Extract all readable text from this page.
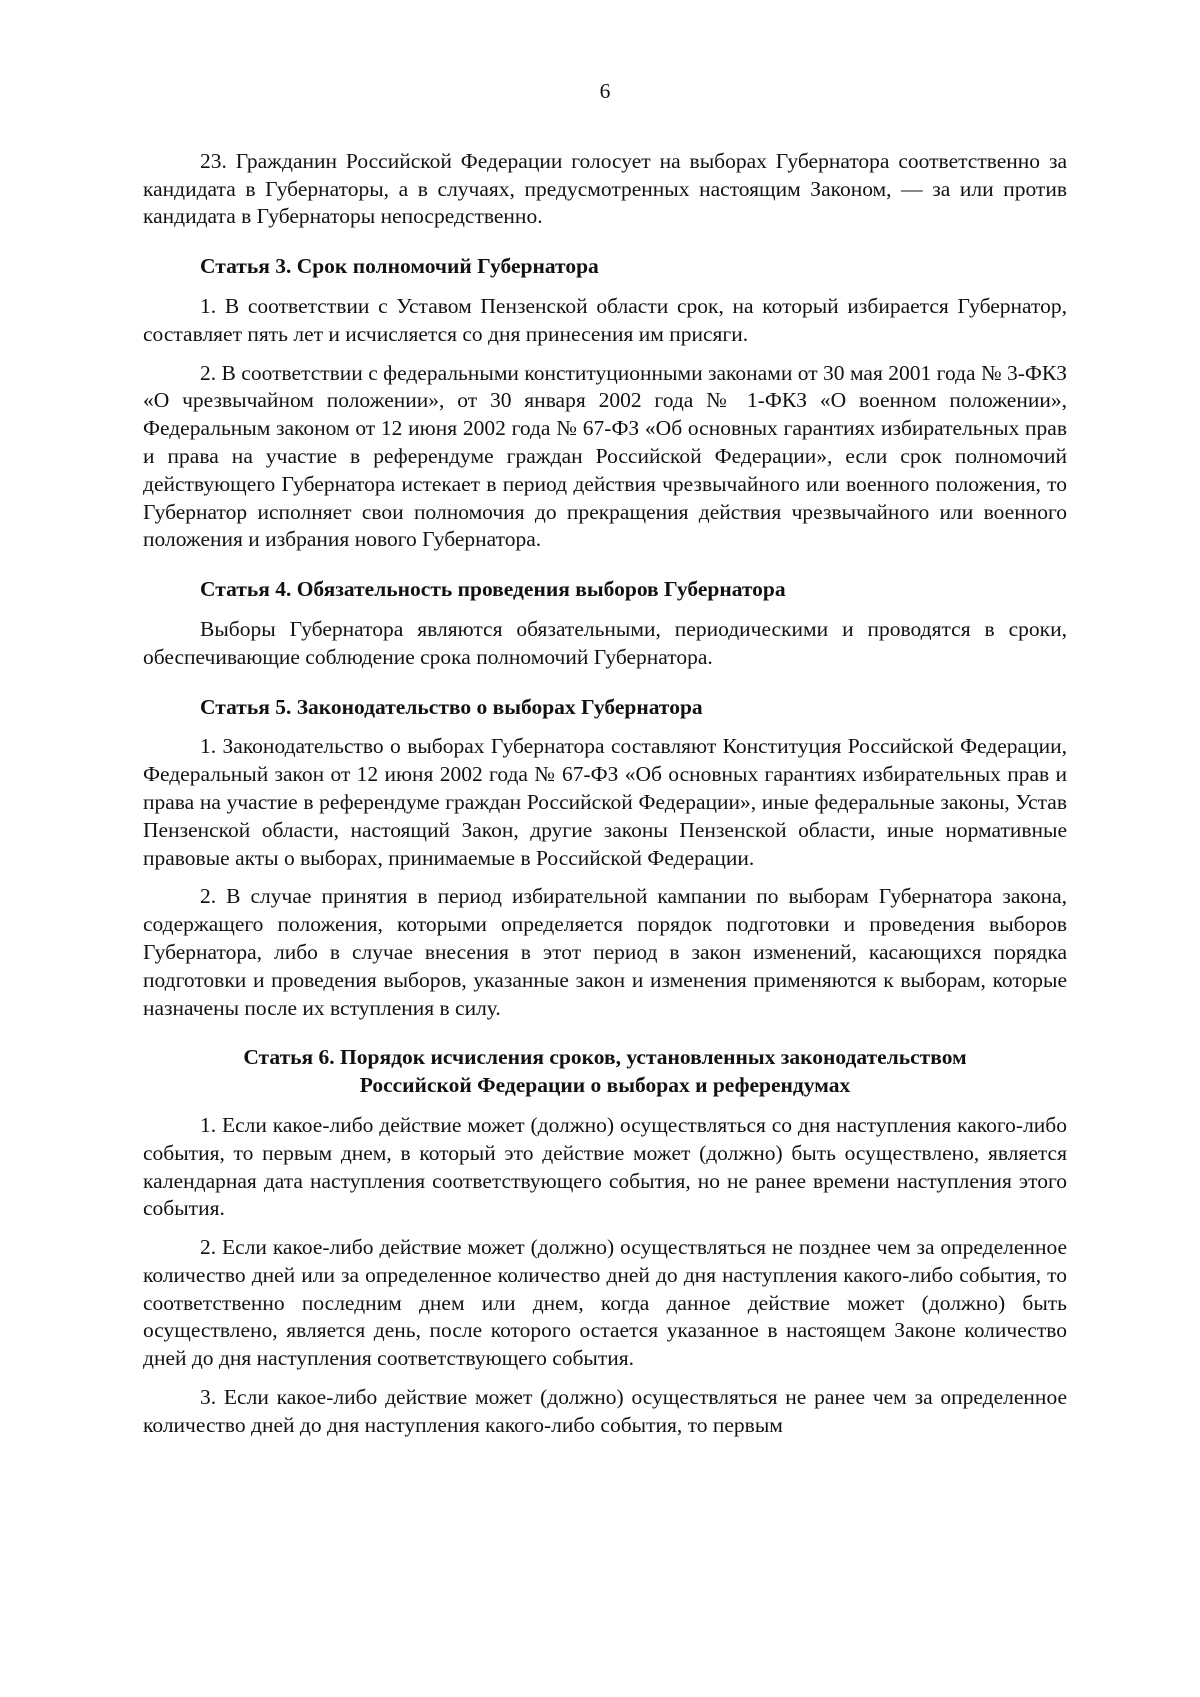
6

23. Гражданин Российской Федерации голосует на выборах Губернатора соответственно за кандидата в Губернаторы, а в случаях, предусмотренных настоящим Законом, — за или против кандидата в Губернаторы непосредственно.

Статья 3. Срок полномочий Губернатора

1. В соответствии с Уставом Пензенской области срок, на который избирается Губернатор, составляет пять лет и исчисляется со дня принесения им присяги.

2. В соответствии с федеральными конституционными законами от 30 мая 2001 года № 3-ФКЗ «О чрезвычайном положении», от 30 января 2002 года № 1-ФКЗ «О военном положении», Федеральным законом от 12 июня 2002 года № 67-ФЗ «Об основных гарантиях избирательных прав и права на участие в референдуме граждан Российской Федерации», если срок полномочий действующего Губернатора истекает в период действия чрезвычайного или военного положения, то Губернатор исполняет свои полномочия до прекращения действия чрезвычайного или военного положения и избрания нового Губернатора.

Статья 4. Обязательность проведения выборов Губернатора

Выборы Губернатора являются обязательными, периодическими и проводятся в сроки, обеспечивающие соблюдение срока полномочий Губернатора.

Статья 5. Законодательство о выборах Губернатора

1. Законодательство о выборах Губернатора составляют Конституция Российской Федерации, Федеральный закон от 12 июня 2002 года № 67-ФЗ «Об основных гарантиях избирательных прав и права на участие в референдуме граждан Российской Федерации», иные федеральные законы, Устав Пензенской области, настоящий Закон, другие законы Пензенской области, иные нормативные правовые акты о выборах, принимаемые в Российской Федерации.

2. В случае принятия в период избирательной кампании по выборам Губернатора закона, содержащего положения, которыми определяется порядок подготовки и проведения выборов Губернатора, либо в случае внесения в этот период в закон изменений, касающихся порядка подготовки и проведения выборов, указанные закон и изменения применяются к выборам, которые назначены после их вступления в силу.

Статья 6. Порядок исчисления сроков, установленных законодательством
Российской Федерации о выборах и референдумах

1. Если какое-либо действие может (должно) осуществляться со дня наступления какого-либо события, то первым днем, в который это действие может (должно) быть осуществлено, является календарная дата наступления соответствующего события, но не ранее времени наступления этого события.

2. Если какое-либо действие может (должно) осуществляться не позднее чем за определенное количество дней или за определенное количество дней до дня наступления какого-либо события, то соответственно последним днем или днем, когда данное действие может (должно) быть осуществлено, является день, после которого остается указанное в настоящем Законе количество дней до дня наступления соответствующего события.

3. Если какое-либо действие может (должно) осуществляться не ранее чем за определенное количество дней до дня наступления какого-либо события, то первым
